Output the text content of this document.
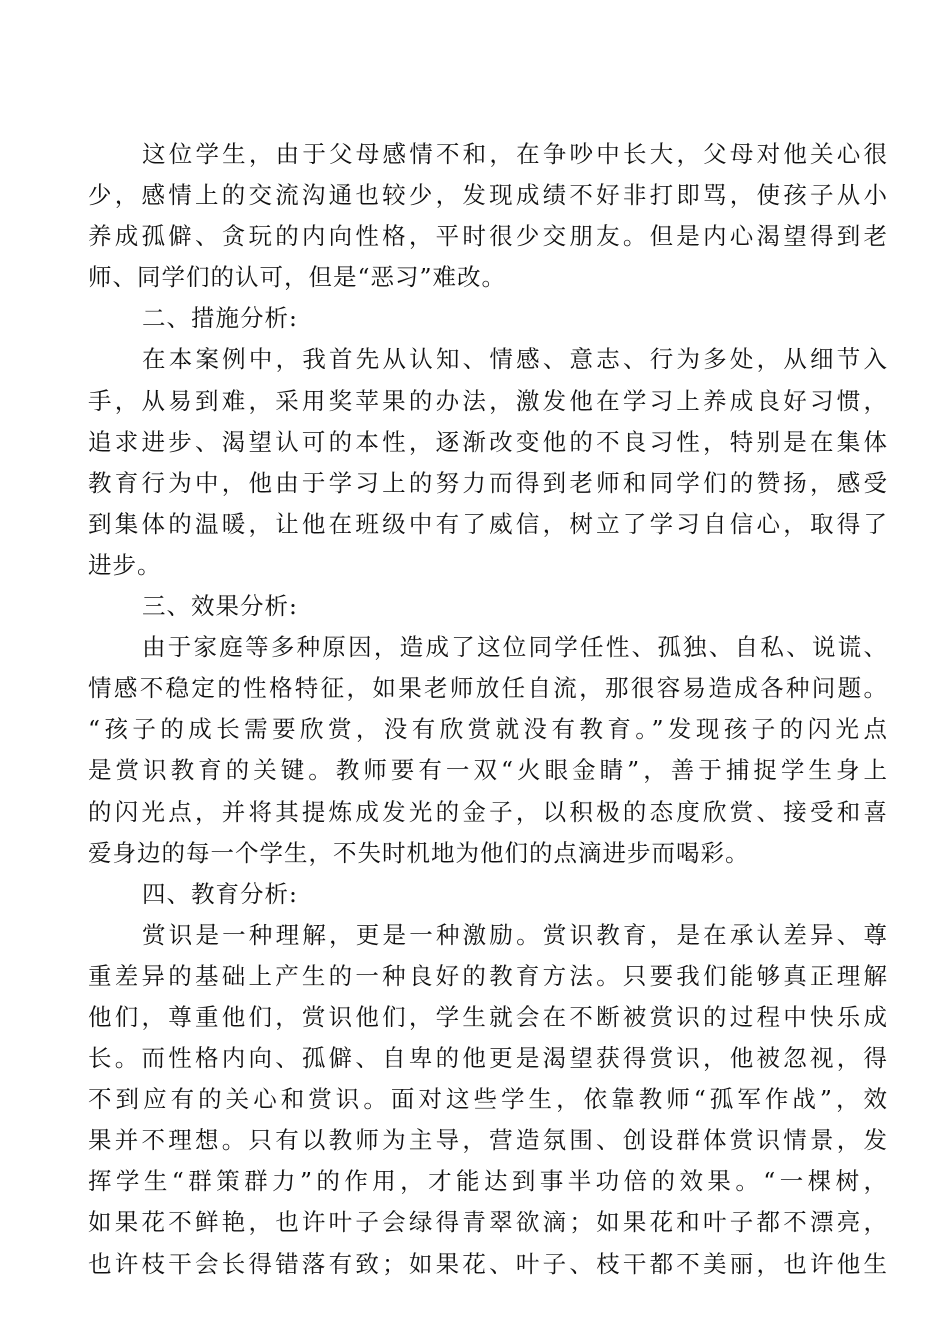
这位学生，由于父母感情不和，在争吵中长大，父母对他关心很
少，感情上的交流沟通也较少，发现成绩不好非打即骂，使孩子从小
养成孤僻、贪玩的内向性格，平时很少交朋友。但是内心渴望得到老
师、同学们的认可，但是“恶习”难改。
二、措施分析:
在本案例中，我首先从认知、情感、意志、行为多处，从细节入
手，从易到难，采用奖苹果的办法，激发他在学习上养成良好习惯，
追求进步、渴望认可的本性，逐渐改变他的不良习性，特别是在集体
教育行为中，他由于学习上的努力而得到老师和同学们的赞扬，感受
到集体的温暖，让他在班级中有了威信，树立了学习自信心，取得了
进步。
三、效果分析:
由于家庭等多种原因，造成了这位同学任性、孤独、自私、说谎、
情感不稳定的性格特征，如果老师放任自流，那很容易造成各种问题。
“孩子的成长需要欣赏，没有欣赏就没有教育。”发现孩子的闪光点
是赏识教育的关键。教师要有一双“火眼金睛”，善于捕捉学生身上
的闪光点，并将其提炼成发光的金子，以积极的态度欣赏、接受和喜
爱身边的每一个学生，不失时机地为他们的点滴进步而喝彩。
四、教育分析:
赏识是一种理解，更是一种激励。赏识教育，是在承认差异、尊
重差异的基础上产生的一种良好的教育方法。只要我们能够真正理解
他们，尊重他们，赏识他们，学生就会在不断被赏识的过程中快乐成
长。而性格内向、孤僻、自卑的他更是渴望获得赏识，他被忽视，得
不到应有的关心和赏识。面对这些学生，依靠教师“孤军作战”，效
果并不理想。只有以教师为主导，营造氛围、创设群体赏识情景，发
挥学生“群策群力”的作用，才能达到事半功倍的效果。“一棵树，
如果花不鲜艳，也许叶子会绿得青翠欲滴；如果花和叶子都不漂亮，
也许枝干会长得错落有致；如果花、叶子、枝干都不美丽，也许他生
